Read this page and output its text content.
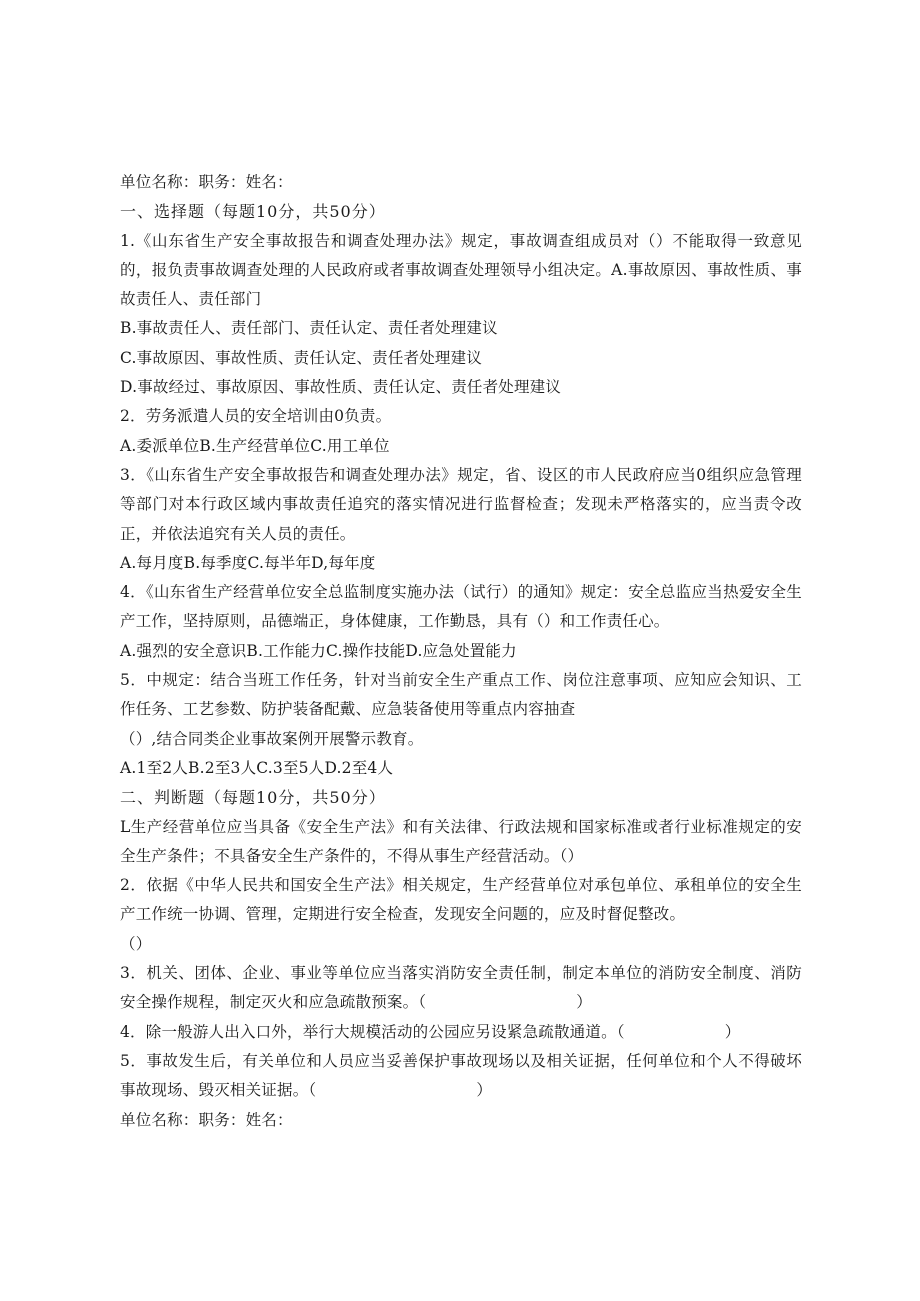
单位名称：职务：姓名：
一、选择题（每题10分，共50分）
1.《山东省生产安全事故报告和调查处理办法》规定，事故调查组成员对（）不能取得一致意见的，报负责事故调查处理的人民政府或者事故调查处理领导小组决定。A.事故原因、事故性质、事故责任人、责任部门
B.事故责任人、责任部门、责任认定、责任者处理建议
C.事故原因、事故性质、责任认定、责任者处理建议
D.事故经过、事故原因、事故性质、责任认定、责任者处理建议
2．劳务派遣人员的安全培训由0负责。
A.委派单位B.生产经营单位C.用工单位
3．《山东省生产安全事故报告和调查处理办法》规定，省、设区的市人民政府应当0组织应急管理等部门对本行政区域内事故责任追究的落实情况进行监督检查；发现未严格落实的，应当责令改正，并依法追究有关人员的责任。
A.每月度B.每季度C.每半年D,每年度
4．《山东省生产经营单位安全总监制度实施办法（试行）的通知》规定：安全总监应当热爱安全生产工作，坚持原则，品德端正，身体健康，工作勤恳，具有（）和工作责任心。
A.强烈的安全意识B.工作能力C.操作技能D.应急处置能力
5．中规定：结合当班工作任务，针对当前安全生产重点工作、岗位注意事项、应知应会知识、工作任务、工艺参数、防护装备配戴、应急装备使用等重点内容抽查
（）,结合同类企业事故案例开展警示教育。
A.1至2人B.2至3人C.3至5人D.2至4人
二、判断题（每题10分，共50分）
L生产经营单位应当具备《安全生产法》和有关法律、行政法规和国家标准或者行业标准规定的安全生产条件；不具备安全生产条件的，不得从事生产经营活动。（）
2．依据《中华人民共和国安全生产法》相关规定，生产经营单位对承包单位、承租单位的安全生产工作统一协调、管理，定期进行安全检查，发现安全问题的，应及时督促整改。
（）
3．机关、团体、企业、事业等单位应当落实消防安全责任制，制定本单位的消防安全制度、消防安全操作规程，制定灭火和应急疏散预案。（	）
4．除一般游人出入口外，举行大规模活动的公园应另设紧急疏散通道。（	）
5．事故发生后，有关单位和人员应当妥善保护事故现场以及相关证据，任何单位和个人不得破坏事故现场、毁灭相关证据。（	）
单位名称：职务：姓名：
